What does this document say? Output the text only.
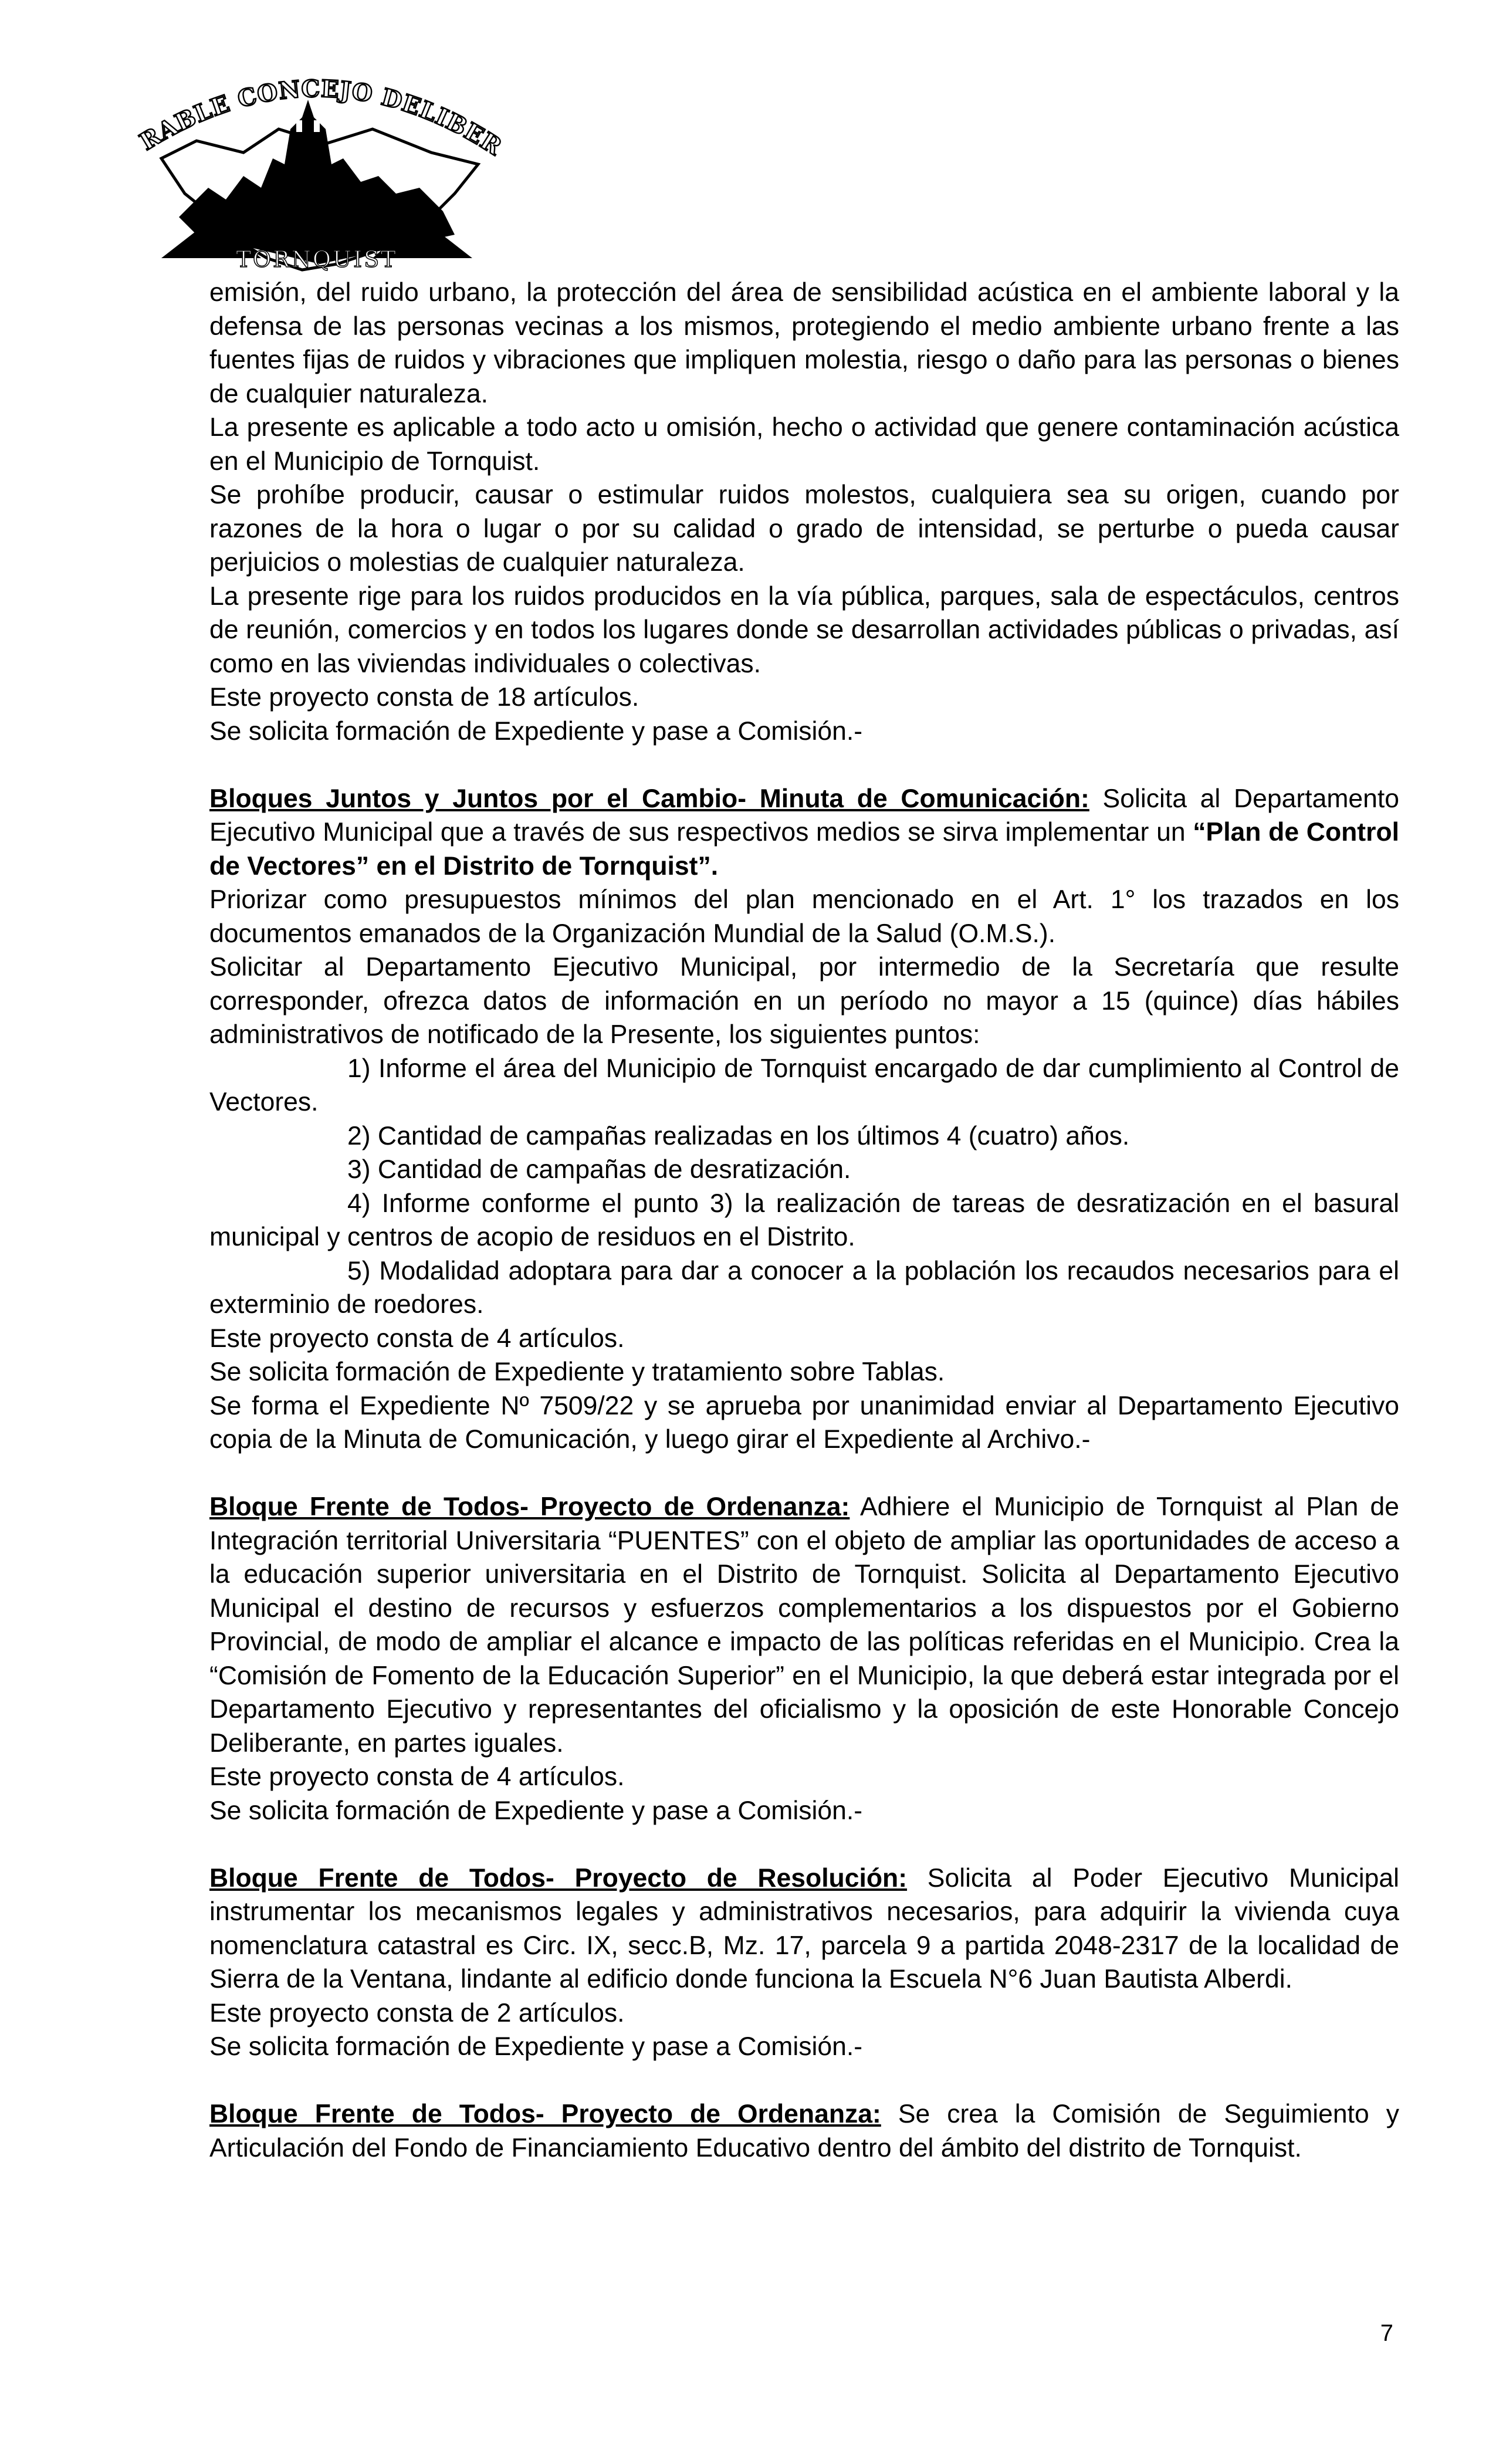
RABLE CONCEJO DELIBER
TORNQUIST

emisión, del ruido urbano, la protección del área de sensibilidad acústica en el ambiente laboral y la defensa de las personas vecinas a los mismos, protegiendo el medio ambiente urbano frente a las fuentes fijas de ruidos y vibraciones que impliquen molestia, riesgo o daño para las personas o bienes de cualquier naturaleza.

La presente es aplicable a todo acto u omisión, hecho o actividad que genere contaminación acústica en el Municipio de Tornquist.

Se prohíbe producir, causar o estimular ruidos molestos, cualquiera sea su origen, cuando por razones de la hora o lugar o por su calidad o grado de intensidad, se perturbe o pueda causar perjuicios o molestias de cualquier naturaleza.

La presente rige para los ruidos producidos en la vía pública, parques, sala de espectáculos, centros de reunión, comercios y en todos los lugares donde se desarrollan actividades públicas o privadas, así como en las viviendas individuales o colectivas.

Este proyecto consta de 18 artículos.

Se solicita formación de Expediente y pase a Comisión.-

Bloques Juntos y Juntos por el Cambio- Minuta de Comunicación: Solicita al Departamento Ejecutivo Municipal que a través de sus respectivos medios se sirva implementar un “Plan de Control de Vectores” en el Distrito de Tornquist”.

Priorizar como presupuestos mínimos del plan mencionado en el Art. 1° los trazados en los documentos emanados de la Organización Mundial de la Salud (O.M.S.).

Solicitar al Departamento Ejecutivo Municipal, por intermedio de la Secretaría que resulte corresponder, ofrezca datos de información en un período no mayor a 15 (quince) días hábiles administrativos de notificado de la Presente, los siguientes puntos:

1) Informe el área del Municipio de Tornquist encargado de dar cumplimiento al Control de Vectores.

2) Cantidad de campañas realizadas en los últimos 4 (cuatro) años.

3) Cantidad de campañas de desratización.

4) Informe conforme el punto 3) la realización de tareas de desratización en el basural municipal y centros de acopio de residuos en el Distrito.

5) Modalidad adoptara para dar a conocer a la población los recaudos necesarios para el exterminio de roedores.

Este proyecto consta de 4 artículos.

Se solicita formación de Expediente y tratamiento sobre Tablas.

Se forma el Expediente Nº 7509/22 y se aprueba por unanimidad enviar al Departamento Ejecutivo copia de la Minuta de Comunicación, y luego girar el Expediente al Archivo.-

Bloque Frente de Todos- Proyecto de Ordenanza: Adhiere el Municipio de Tornquist al Plan de Integración territorial Universitaria “PUENTES” con el objeto de ampliar las oportunidades de acceso a la educación superior universitaria en el Distrito de Tornquist. Solicita al Departamento Ejecutivo Municipal el destino de recursos y esfuerzos complementarios a los dispuestos por el Gobierno Provincial, de modo de ampliar el alcance e impacto de las políticas referidas en el Municipio. Crea la “Comisión de Fomento de la Educación Superior” en el Municipio, la que deberá estar integrada por el Departamento Ejecutivo y representantes del oficialismo y la oposición de este Honorable Concejo Deliberante, en partes iguales.

Este proyecto consta de 4 artículos.

Se solicita formación de Expediente y pase a Comisión.-

Bloque Frente de Todos- Proyecto de Resolución: Solicita al Poder Ejecutivo Municipal instrumentar los mecanismos legales y administrativos necesarios, para adquirir la vivienda cuya nomenclatura catastral es Circ. IX, secc.B, Mz. 17, parcela 9 a partida 2048-2317 de la localidad de Sierra de la Ventana, lindante al edificio donde funciona la Escuela N°6 Juan Bautista Alberdi.

Este proyecto consta de 2 artículos.

Se solicita formación de Expediente y pase a Comisión.-

Bloque Frente de Todos- Proyecto de Ordenanza: Se crea la Comisión de Seguimiento y Articulación del Fondo de Financiamiento Educativo dentro del ámbito del distrito de Tornquist.

7
